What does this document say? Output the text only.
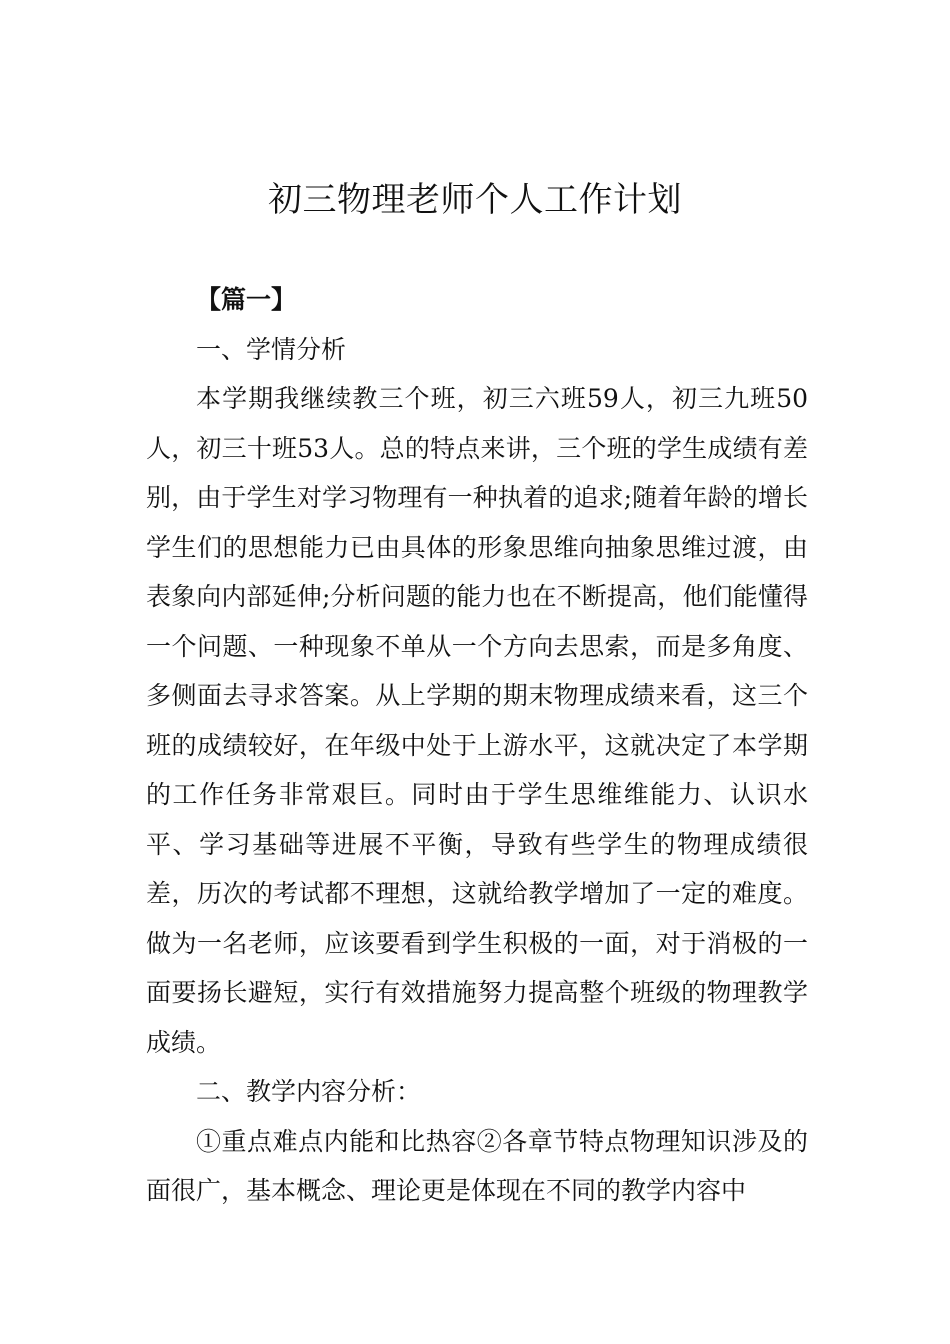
初三物理老师个人工作计划

【篇一】

一、学情分析

本学期我继续教三个班，初三六班59人，初三九班50人，初三十班53人。总的特点来讲，三个班的学生成绩有差别，由于学生对学习物理有一种执着的追求;随着年龄的增长学生们的思想能力已由具体的形象思维向抽象思维过渡，由表象向内部延伸;分析问题的能力也在不断提高，他们能懂得一个问题、一种现象不单从一个方向去思索，而是多角度、多侧面去寻求答案。从上学期的期末物理成绩来看，这三个班的成绩较好，在年级中处于上游水平，这就决定了本学期的工作任务非常艰巨。同时由于学生思维维能力、认识水平、学习基础等进展不平衡，导致有些学生的物理成绩很差，历次的考试都不理想，这就给教学增加了一定的难度。做为一名老师，应该要看到学生积极的一面，对于消极的一面要扬长避短，实行有效措施努力提高整个班级的物理教学成绩。

二、教学内容分析：

①重点难点内能和比热容②各章节特点物理知识涉及的面很广，基本概念、理论更是体现在不同的教学内容中
